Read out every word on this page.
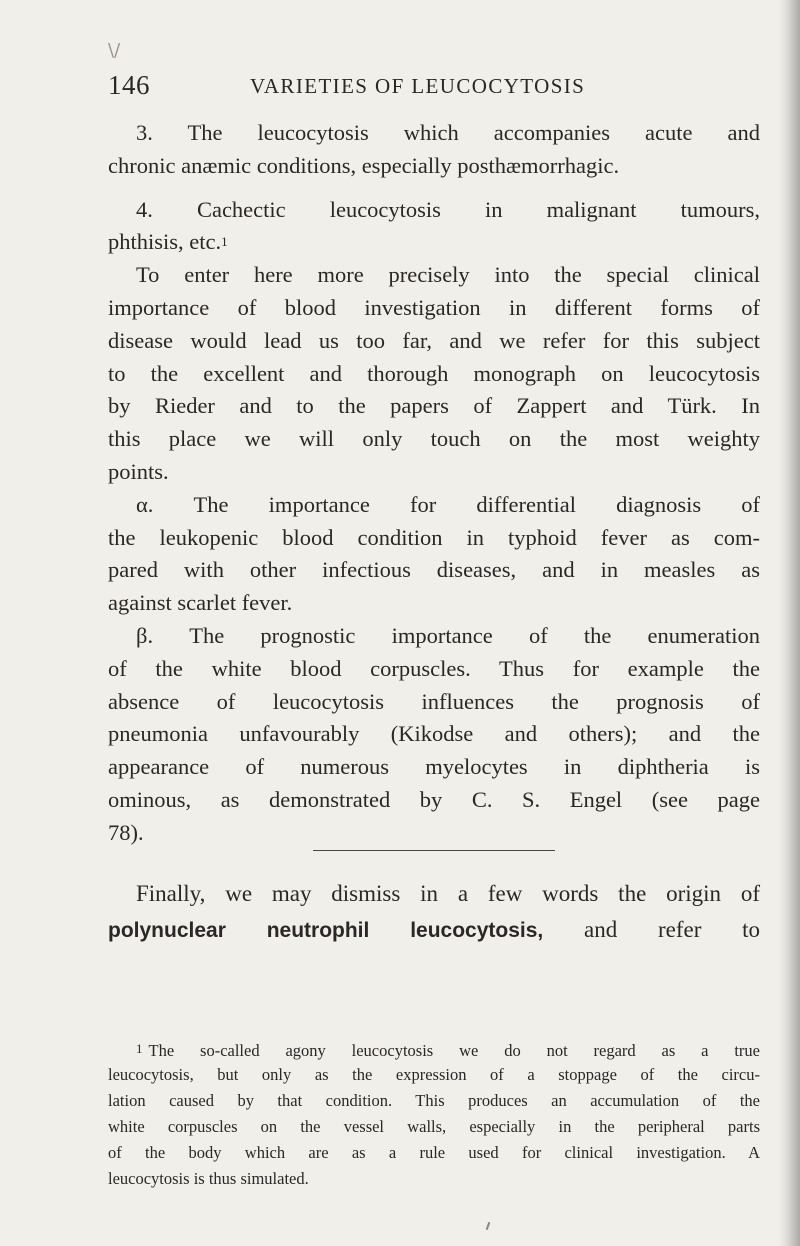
\/
146	VARIETIES OF LEUCOCYTOSIS
3. The leucocytosis which accompanies acute and
chronic anæmic conditions, especially posthæmorrhagic.
4. Cachectic leucocytosis in malignant tumours,
phthisis, etc.$^1$
To enter here more precisely into the special clinical
importance of blood investigation in different forms of
disease would lead us too far, and we refer for this subject
to the excellent and thorough monograph on leucocytosis
by Rieder and to the papers of Zappert and Türk. In
this place we will only touch on the most weighty
points.
α. The importance for differential diagnosis of
the leukopenic blood condition in typhoid fever as com-
pared with other infectious diseases, and in measles as
against scarlet fever.
β. The prognostic importance of the enumeration
of the white blood corpuscles. Thus for example the
absence of leucocytosis influences the prognosis of
pneumonia unfavourably (Kikodse and others); and the
appearance of numerous myelocytes in diphtheria is
ominous, as demonstrated by C. S. Engel (see page
78).
Finally, we may dismiss in a few words the origin of
polynuclear neutrophil leucocytosis, and refer to
1 The so-called agony leucocytosis we do not regard as a true
leucocytosis, but only as the expression of a stoppage of the circu-
lation caused by that condition. This produces an accumulation of the
white corpuscles on the vessel walls, especially in the peripheral parts
of the body which are as a rule used for clinical investigation. A
leucocytosis is thus simulated.
